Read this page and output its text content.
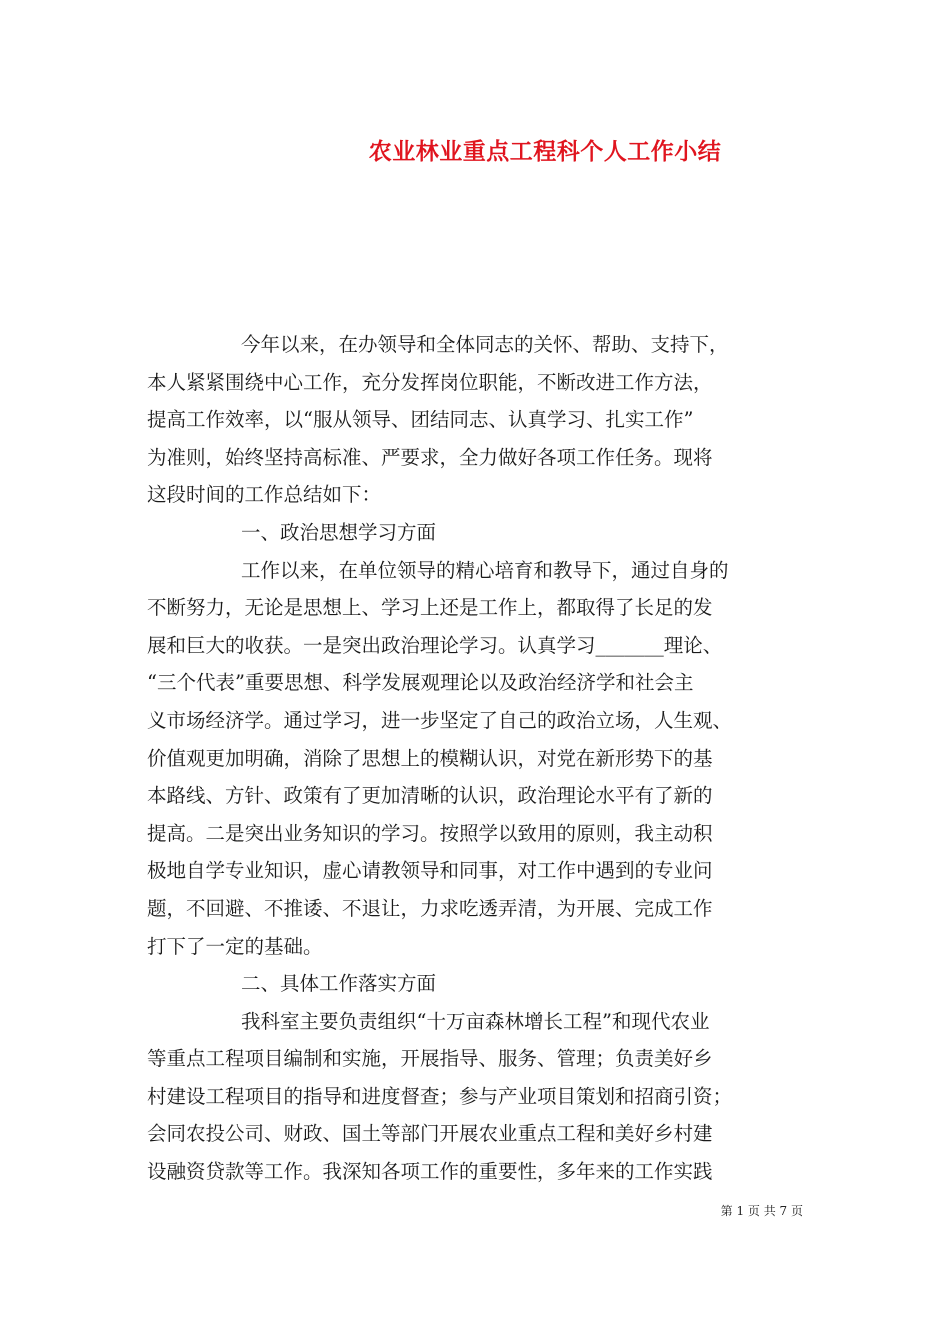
农业林业重点工程科个人工作小结
今年以来，在办领导和全体同志的关怀、帮助、支持下，
本人紧紧围绕中心工作，充分发挥岗位职能，不断改进工作方法，
提高工作效率，以“服从领导、团结同志、认真学习、扎实工作”
为准则，始终坚持高标准、严要求，全力做好各项工作任务。现将
这段时间的工作总结如下：
一、政治思想学习方面
工作以来，在单位领导的精心培育和教导下，通过自身的
不断努力，无论是思想上、学习上还是工作上，都取得了长足的发
展和巨大的收获。一是突出政治理论学习。认真学习_______理论、
“三个代表”重要思想、科学发展观理论以及政治经济学和社会主
义市场经济学。通过学习，进一步坚定了自己的政治立场，人生观、
价值观更加明确，消除了思想上的模糊认识，对党在新形势下的基
本路线、方针、政策有了更加清晰的认识，政治理论水平有了新的
提高。二是突出业务知识的学习。按照学以致用的原则，我主动积
极地自学专业知识，虚心请教领导和同事，对工作中遇到的专业问
题，不回避、不推诿、不退让，力求吃透弄清，为开展、完成工作
打下了一定的基础。
二、具体工作落实方面
我科室主要负责组织“十万亩森林增长工程”和现代农业
等重点工程项目编制和实施，开展指导、服务、管理；负责美好乡
村建设工程项目的指导和进度督查；参与产业项目策划和招商引资；
会同农投公司、财政、国土等部门开展农业重点工程和美好乡村建
设融资贷款等工作。我深知各项工作的重要性，多年来的工作实践
第 1 页 共 7 页
